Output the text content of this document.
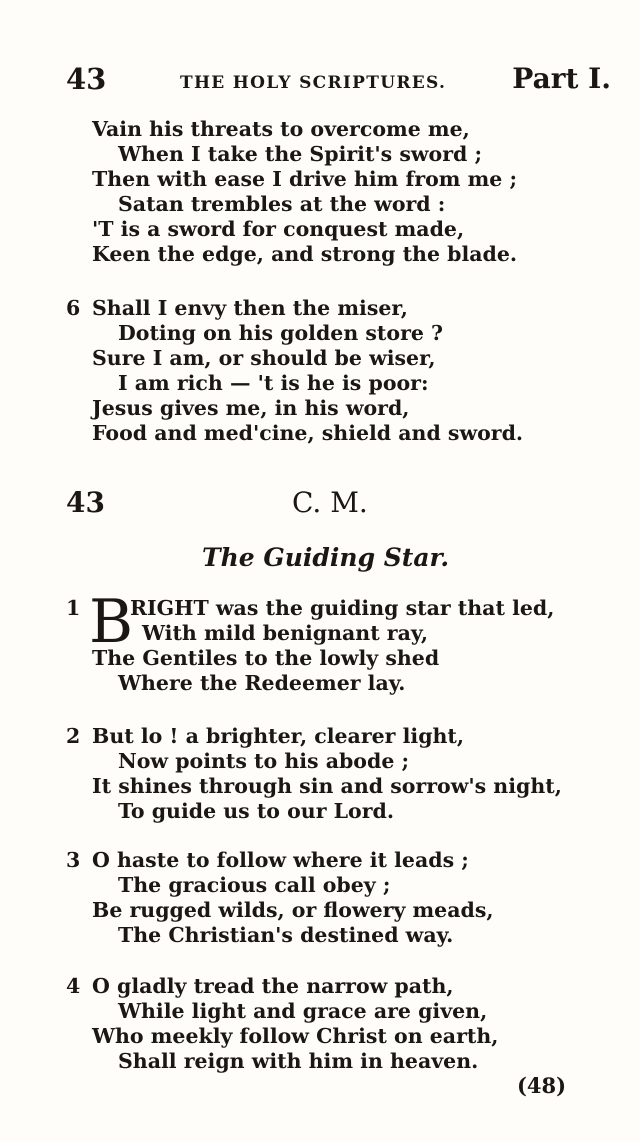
43	THE HOLY SCRIPTURES. Part I.
Vain his threats to overcome me,
When I take the Spirit's sword ;
Then with ease I drive him from me ;
Satan trembles at the word :
'T is a sword for conquest made,
Keen the edge, and strong the blade.
6 Shall I envy then the miser,
Doting on his golden store ?
Sure I am, or should be wiser,
I am rich — 't is he is poor:
Jesus gives me, in his word,
Food and med'cine, shield and sword.
43	C. M.
The Guiding Star.
1 B
RIGHT was the guiding star that led,
With mild benignant ray,
The Gentiles to the lowly shed
Where the Redeemer lay.
2 But lo ! a brighter, clearer light,
Now points to his abode ;
It shines through sin and sorrow's night,
To guide us to our Lord.
3 O haste to follow where it leads ;
The gracious call obey ;
Be rugged wilds, or flowery meads,
The Christian's destined way.
4 O gladly tread the narrow path,
While light and grace are given,
Who meekly follow Christ on earth,
Shall reign with him in heaven.
(48)
